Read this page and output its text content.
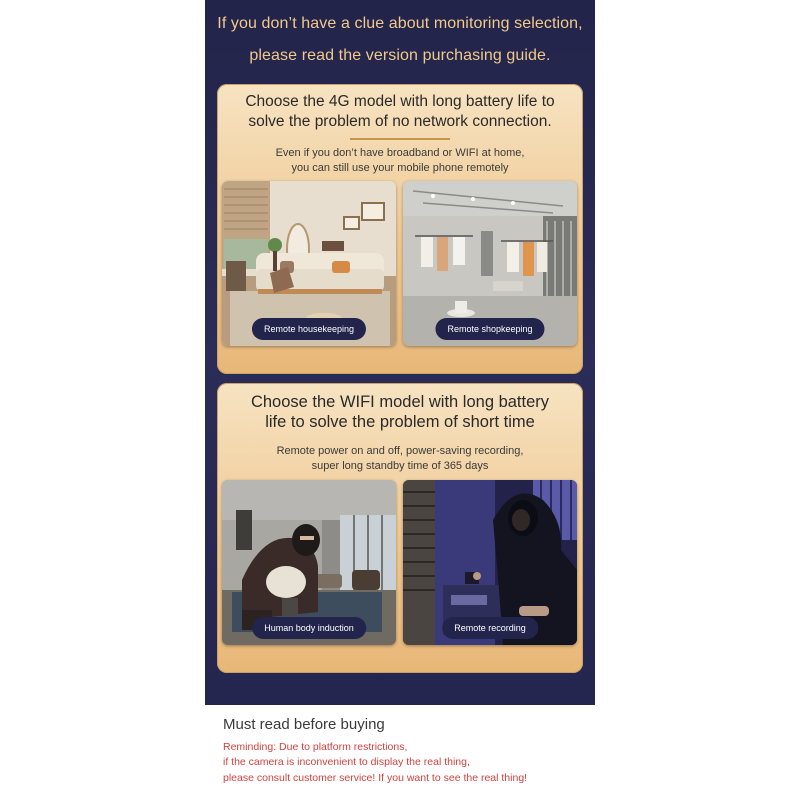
If you don’t have a clue about monitoring selection,
please read the version purchasing guide.
Choose the 4G model with long battery life to
solve the problem of no network connection.
Even if you don’t have broadband or WIFI at home,
you can still use your mobile phone remotely
Remote housekeeping	Remote shopkeeping
Choose the WIFI model with long battery
life to solve the problem of short time
Remote power on and off, power-saving recording,
super long standby time of 365 days
Human body induction	Remote recording
Must read before buying
Reminding: Due to platform restrictions,
if the camera is inconvenient to display the real thing,
please consult customer service! If you want to see the real thing!
